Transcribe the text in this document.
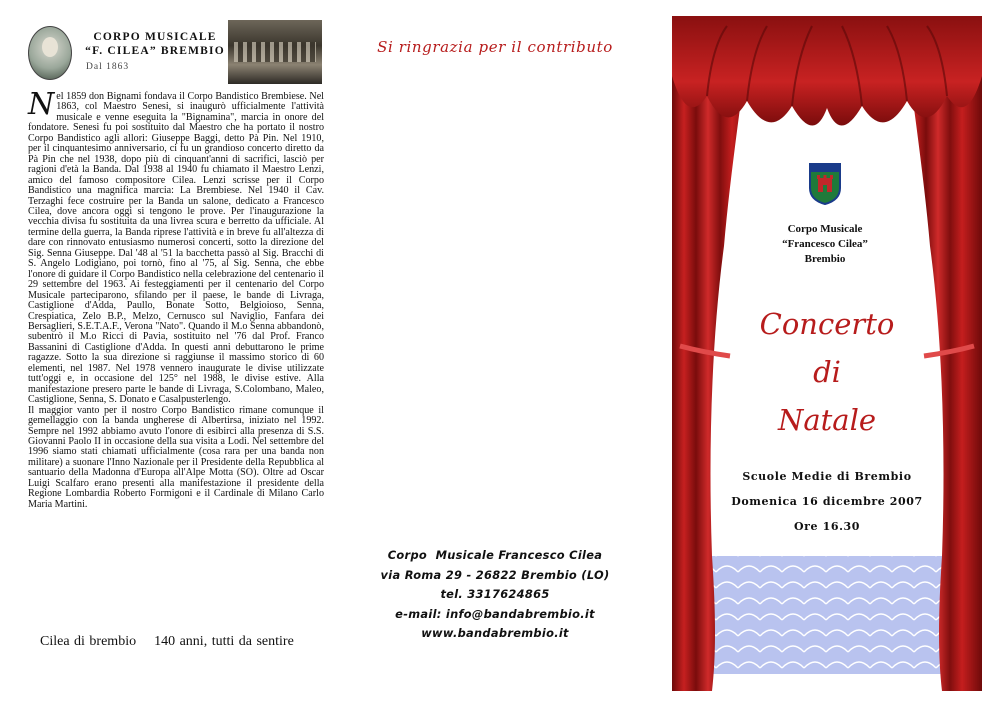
CORPO MUSICALE
“F. CILEA” BREMBIO
Dal 1863

Nel 1859 don Bignami fondava il Corpo Bandistico Brembiese. Nel 1863, col Maestro Senesi, si inaugurò ufficialmente l'attività musicale e venne eseguita la "Bignamina", marcia in onore del fondatore. Senesi fu poi sostituito dal Maestro che ha portato il nostro Corpo Bandistico agli allori: Giuseppe Baggi, detto Pà Pin. Nel 1910, per il cinquantesimo anniversario, ci fu un grandioso concerto diretto da Pà Pin che nel 1938, dopo più di cinquant'anni di sacrifici, lasciò per ragioni d'età la Banda. Dal 1938 al 1940 fu chiamato il Maestro Lenzi, amico del famoso compositore Cilea. Lenzi scrisse per il Corpo Bandistico una magnifica marcia: La Brembiese. Nel 1940 il Cav. Terzaghi fece costruire per la Banda un salone, dedicato a Francesco Cilea, dove ancora oggi si tengono le prove. Per l'inaugurazione la vecchia divisa fu sostituita da una livrea scura e berretto da ufficiale. Al termine della guerra, la Banda riprese l'attività e in breve fu all'altezza di dare con rinnovato entusiasmo numerosi concerti, sotto la direzione del Sig. Senna Giuseppe. Dal '48 al '51 la bacchetta passò al Sig. Bracchi di S. Angelo Lodigiano, poi tornò, fino al '75, al Sig. Senna, che ebbe l'onore di guidare il Corpo Bandistico nella celebrazione del centenario il 29 settembre del 1963. Ai festeggiamenti per il centenario del Corpo Musicale parteciparono, sfilando per il paese, le bande di Livraga, Castiglione d'Adda, Paullo, Bonate Sotto, Belgioioso, Senna, Crespiatica, Zelo B.P., Melzo, Cernusco sul Naviglio, Fanfara dei Bersaglieri, S.E.T.A.F., Verona "Nato". Quando il M.o Senna abbandonò, subentrò il M.o Ricci di Pavia, sostituito nel '76 dal Prof. Franco Bassanini di Castiglione d'Adda. In questi anni debuttarono le prime ragazze. Sotto la sua direzione si raggiunse il massimo storico di 60 elementi, nel 1987. Nel 1978 vennero inaugurate le divise utilizzate tutt'oggi e, in occasione del 125° nel 1988, le divise estive. Alla manifestazione presero parte le bande di Livraga, S.Colombano, Maleo, Castiglione, Senna, S. Donato e Casalpusterlengo.

Il maggior vanto per il nostro Corpo Bandistico rimane comunque il gemellaggio con la banda ungherese di Albertirsa, iniziato nel 1992. Sempre nel 1992 abbiamo avuto l'onore di esibirci alla presenza di S.S. Giovanni Paolo II in occasione della sua visita a Lodi. Nel settembre del 1996 siamo stati chiamati ufficialmente (cosa rara per una banda non militare) a suonare l'Inno Nazionale per il Presidente della Repubblica al santuario della Madonna d'Europa all'Alpe Motta (SO). Oltre ad Oscar Luigi Scalfaro erano presenti alla manifestazione il presidente della Regione Lombardia Roberto Formigoni e il Cardinale di Milano Carlo Maria Martini.

Cilea di brembio    140 anni, tutti da sentire
Si ringrazia per il contributo
Corpo  Musicale Francesco Cilea
via Roma 29 - 26822 Brembio (LO)
tel. 3317624865
e-mail: info@bandabrembio.it
www.bandabrembio.it
Corpo Musicale
“Francesco Cilea”
Brembio
Concerto
di
Natale
Scuole Medie di Brembio
Domenica 16 dicembre 2007
Ore 16.30
